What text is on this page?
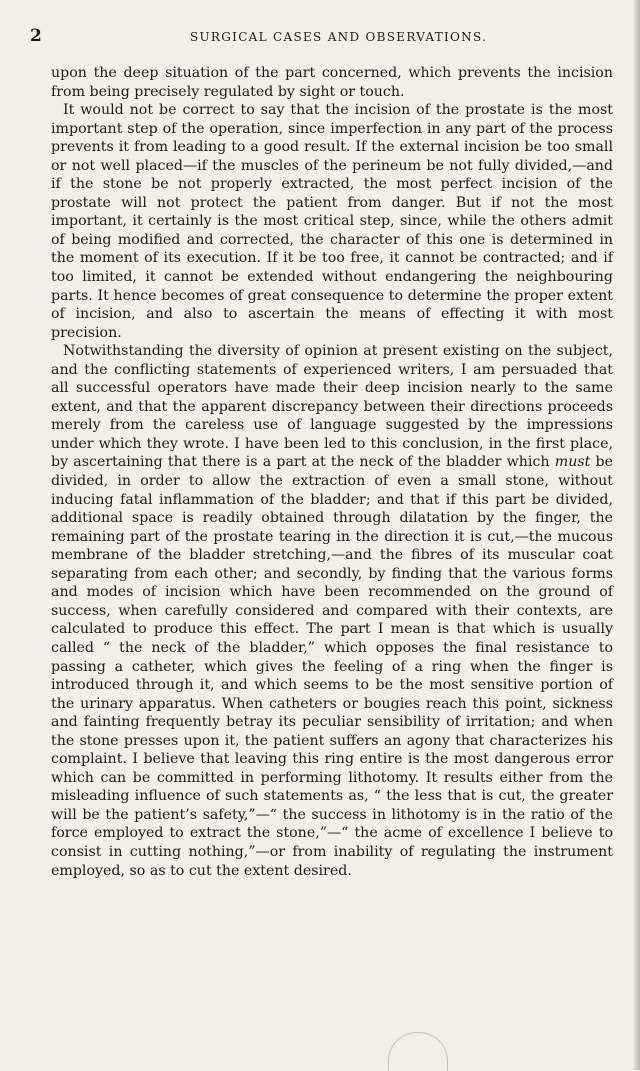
2	SURGICAL CASES AND OBSERVATIONS.

upon the deep situation of the part concerned, which prevents the incision from being precisely regulated by sight or touch.

It would not be correct to say that the incision of the prostate is the most important step of the operation, since imperfection in any part of the process prevents it from leading to a good result. If the external incision be too small or not well placed—if the muscles of the perineum be not fully divided,—and if the stone be not properly extracted, the most perfect incision of the prostate will not protect the patient from danger. But if not the most important, it certainly is the most critical step, since, while the others admit of being modified and corrected, the character of this one is determined in the moment of its execution. If it be too free, it cannot be contracted; and if too limited, it cannot be extended without endangering the neighbouring parts. It hence becomes of great consequence to determine the proper extent of incision, and also to ascertain the means of effecting it with most precision.

Notwithstanding the diversity of opinion at present existing on the subject, and the conflicting statements of experienced writers, I am persuaded that all successful operators have made their deep incision nearly to the same extent, and that the apparent discrepancy between their directions proceeds merely from the careless use of language suggested by the impressions under which they wrote. I have been led to this conclusion, in the first place, by ascertaining that there is a part at the neck of the bladder which must be divided, in order to allow the extraction of even a small stone, without inducing fatal inflammation of the bladder; and that if this part be divided, additional space is readily obtained through dilatation by the finger, the remaining part of the prostate tearing in the direction it is cut,—the mucous membrane of the bladder stretching,—and the fibres of its muscular coat separating from each other; and secondly, by finding that the various forms and modes of incision which have been recommended on the ground of success, when carefully considered and compared with their contexts, are calculated to produce this effect. The part I mean is that which is usually called “ the neck of the bladder,” which opposes the final resistance to passing a catheter, which gives the feeling of a ring when the finger is introduced through it, and which seems to be the most sensitive portion of the urinary apparatus. When catheters or bougies reach this point, sickness and fainting frequently betray its peculiar sensibility of irritation; and when the stone presses upon it, the patient suffers an agony that characterizes his complaint. I believe that leaving this ring entire is the most dangerous error which can be committed in performing lithotomy. It results either from the misleading influence of such statements as, “ the less that is cut, the greater will be the patient’s safety,”—“ the success in lithotomy is in the ratio of the force employed to extract the stone,”—“ the acme of excellence I believe to consist in cutting nothing,”—or from inability of regulating the instrument employed, so as to cut the extent desired.
